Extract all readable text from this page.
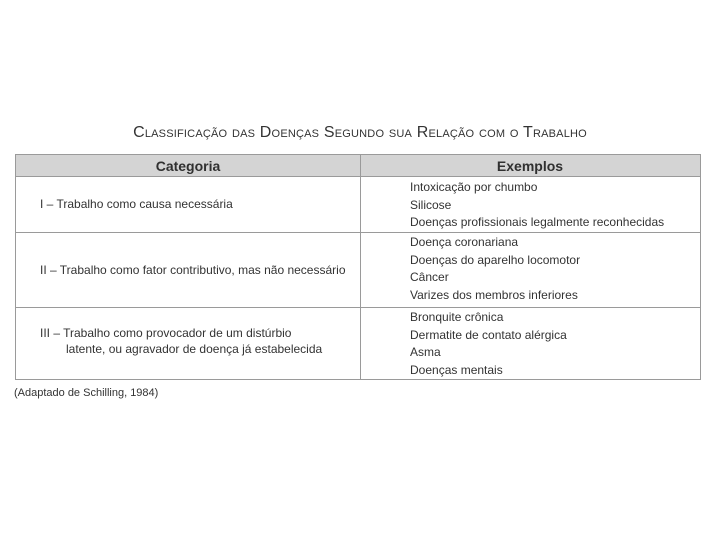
Classificação das Doenças Segundo sua Relação com o Trabalho
Categoria	Exemplos
I – Trabalho como causa necessária
Intoxicação por chumbo
Silicose
Doenças profissionais legalmente reconhecidas
II – Trabalho como fator contributivo, mas não necessário
Doença coronariana
Doenças do aparelho locomotor
Câncer
Varizes dos membros inferiores
III – Trabalho como provocador de um distúrbio
latente, ou agravador de doença já estabelecida
Bronquite crônica
Dermatite de contato alérgica
Asma
Doenças mentais
(Adaptado de Schilling, 1984)
